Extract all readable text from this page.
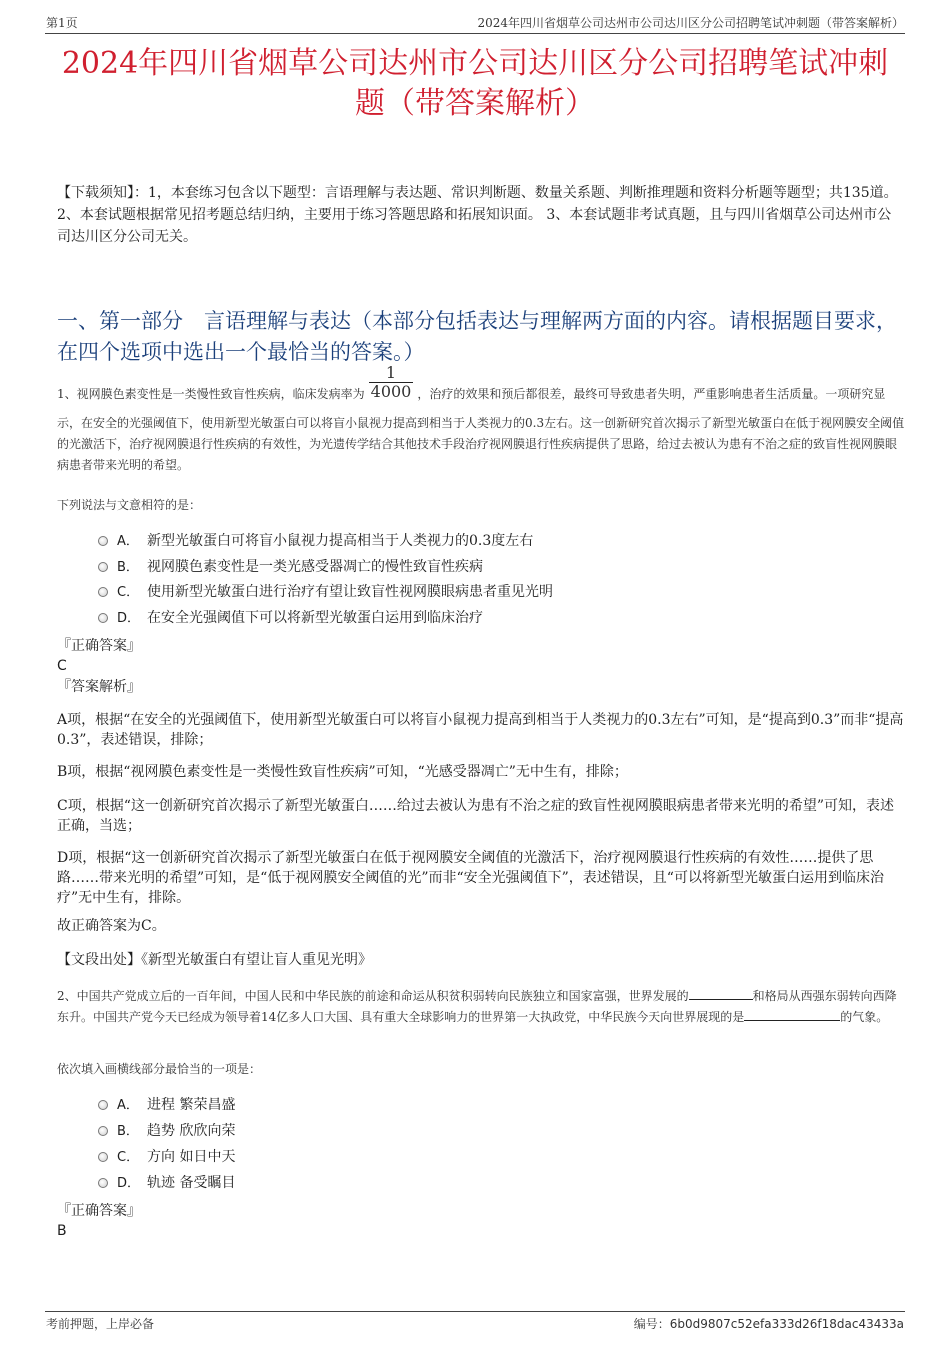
第1页	2024年四川省烟草公司达州市公司达川区分公司招聘笔试冲刺题（带答案解析）
2024年四川省烟草公司达州市公司达川区分公司招聘笔试冲刺
题（带答案解析）
【下载须知】：1，本套练习包含以下题型：言语理解与表达题、常识判断题、数量关系题、判断推理题和资料分析题等题型；共135道。 2、本套试题根据常见招考题总结归纳，主要用于练习答题思路和拓展知识面。 3、本套试题非考试真题，且与四川省烟草公司达州市公司达川区分公司无关。
一、第一部分　言语理解与表达（本部分包括表达与理解两方面的内容。请根据题目要求，在四个选项中选出一个最恰当的答案。）
1、视网膜色素变性是一类慢性致盲性疾病，临床发病率为 $\frac{1}{4000}$ ，治疗的效果和预后都很差，最终可导致患者失明，严重影响患者生活质量。一项研究显示，在安全的光强阈值下，使用新型光敏蛋白可以将盲小鼠视力提高到相当于人类视力的0.3左右。这一创新研究首次揭示了新型光敏蛋白在低于视网膜安全阈值的光激活下，治疗视网膜退行性疾病的有效性，为光遗传学结合其他技术手段治疗视网膜退行性疾病提供了思路，给过去被认为患有不治之症的致盲性视网膜眼病患者带来光明的希望。
下列说法与文意相符的是：
A． 新型光敏蛋白可将盲小鼠视力提高相当于人类视力的0.3度左右
B． 视网膜色素变性是一类光感受器凋亡的慢性致盲性疾病
C． 使用新型光敏蛋白进行治疗有望让致盲性视网膜眼病患者重见光明
D． 在安全光强阈值下可以将新型光敏蛋白运用到临床治疗
『正确答案』
C
『答案解析』
A项，根据“在安全的光强阈值下，使用新型光敏蛋白可以将盲小鼠视力提高到相当于人类视力的0.3左右”可知，是“提高到0.3”而非“提高0.3”，表述错误，排除；
B项，根据“视网膜色素变性是一类慢性致盲性疾病”可知，“光感受器凋亡”无中生有，排除；
C项，根据“这一创新研究首次揭示了新型光敏蛋白……给过去被认为患有不治之症的致盲性视网膜眼病患者带来光明的希望”可知，表述正确，当选；
D项，根据“这一创新研究首次揭示了新型光敏蛋白在低于视网膜安全阈值的光激活下，治疗视网膜退行性疾病的有效性……提供了思路……带来光明的希望”可知，是“低于视网膜安全阈值的光”而非“安全光强阈值下”，表述错误，且“可以将新型光敏蛋白运用到临床治疗”无中生有，排除。
故正确答案为C。
【文段出处】《新型光敏蛋白有望让盲人重见光明》
2、中国共产党成立后的一百年间，中国人民和中华民族的前途和命运从积贫积弱转向民族独立和国家富强，世界发展的	和格局从西强东弱转向西降东升。中国共产党今天已经成为领导着14亿多人口大国、具有重大全球影响力的世界第一大执政党，中华民族今天向世界展现的是	的气象。
依次填入画横线部分最恰当的一项是：
A． 进程 繁荣昌盛
B． 趋势 欣欣向荣
C． 方向 如日中天
D． 轨迹 备受瞩目
『正确答案』
B
考前押题，上岸必备	编号：6b0d9807c52efa333d26f18dac43433a
